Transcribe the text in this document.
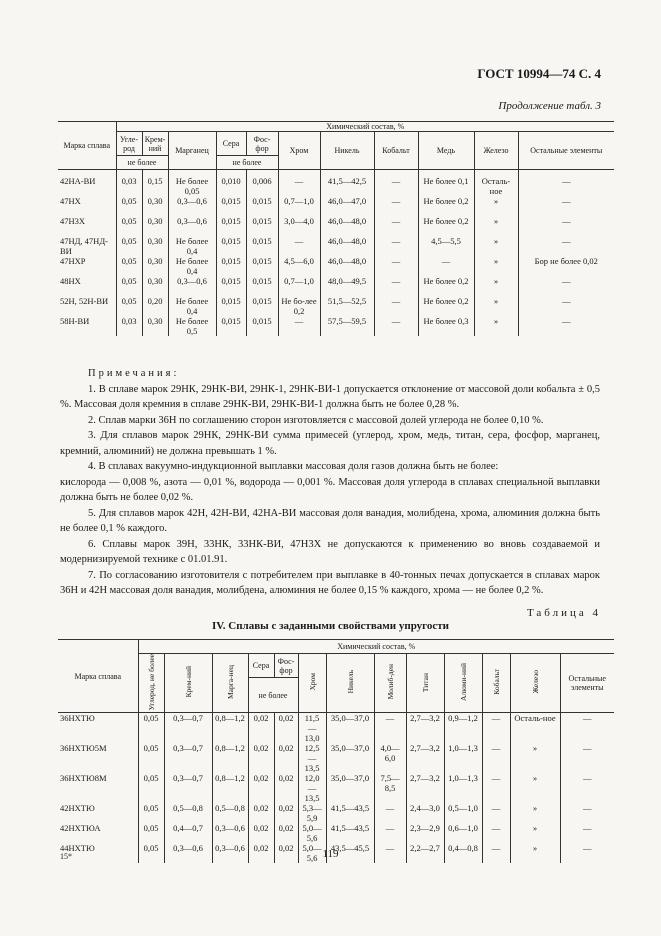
ГОСТ 10994—74 С. 4
Продолжение табл. 3
Марка сплава	Химический состав, %										
	Угле-род	Крем-ний	Марганец	Сера	Фос-фор	Хром	Никель	Кобальт	Медь	Железо	Остальные элементы
	не более			не более							
42НА-ВИ	0,03	0,15	Не более 0,05	0,010	0,006	—	41,5—42,5	—	Не более 0,1	Осталь-ное	—
47НХ	0,05	0,30	0,3—0,6	0,015	0,015	0,7—1,0	46,0—47,0	—	Не более 0,2	»	—
47Н3Х	0,05	0,30	0,3—0,6	0,015	0,015	3,0—4,0	46,0—48,0	—	Не более 0,2	»	—
47НД, 47НД-ВИ	0,05	0,30	Не более 0,4	0,015	0,015	—	46,0—48,0	—	4,5—5,5	»	—
47НХР	0,05	0,30	Не более 0,4	0,015	0,015	4,5—6,0	46,0—48,0	—	—	»	Бор не более 0,02
48НХ	0,05	0,30	0,3—0,6	0,015	0,015	0,7—1,0	48,0—49,5	—	Не более 0,2	»	—
52Н, 52Н-ВИ	0,05	0,20	Не более 0,4	0,015	0,015	Не бо-лее 0,2	51,5—52,5	—	Не более 0,2	»	—
58Н-ВИ	0,03	0,30	Не более 0,5	0,015	0,015	—	57,5—59,5	—	Не более 0,3	»	—

Примечания:

1. В сплаве марок 29НК, 29НК-ВИ, 29НК-1, 29НК-ВИ-1 допускается отклонение от массовой доли кобальта ± 0,5 %. Массовая доля кремния в сплаве 29НК-ВИ, 29НК-ВИ-1 должна быть не более 0,28 %.

2. Сплав марки 36Н по соглашению сторон изготовляется с массовой долей углерода не более 0,10 %.

3. Для сплавов марок 29НК, 29НК-ВИ сумма примесей (углерод, хром, медь, титан, сера, фосфор, марганец, кремний, алюминий) не должна превышать 1 %.

4. В сплавах вакуумно-индукционной выплавки массовая доля газов должна быть не более:

кислорода — 0,008 %, азота — 0,01 %, водорода — 0,001 %. Массовая доля углерода в сплавах специальной выплавки должна быть не более 0,02 %.

5. Для сплавов марок 42Н, 42Н-ВИ, 42НА-ВИ массовая доля ванадия, молибдена, хрома, алюминия должна быть не более 0,1 % каждого.

6. Сплавы марок 39Н, 33НК, 33НК-ВИ, 47Н3Х не допускаются к применению во вновь создаваемой и модернизируемой технике с 01.01.91.

7. По согласованию изготовителя с потребителем при выплавке в 40-тонных печах допускается в сплавах марок 36Н и 42Н массовая доля ванадия, молибдена, алюминия не более 0,15 % каждого, хрома — не более 0,2 %.

Таблица 4
IV. Сплавы с заданными свойствами упругости
Марка сплава	Химический состав, %												
	Углерод, не более	Крем-ний	Марга-нец	Сера	Фос-фор	Хром	Никель	Молиб-ден	Титан	Алюми-ний	Кобальт	Железо	Остальные элементы
				не более									
36НХТЮ	0,05	0,3—0,7	0,8—1,2	0,02	0,02	11,5—13,0	35,0—37,0	—	2,7—3,2	0,9—1,2	—	Осталь-ное	—
36НХТЮ5М	0,05	0,3—0,7	0,8—1,2	0,02	0,02	12,5—13,5	35,0—37,0	4,0—6,0	2,7—3,2	1,0—1,3	—	»	—
36НХТЮ8М	0,05	0,3—0,7	0,8—1,2	0,02	0,02	12,0—13,5	35,0—37,0	7,5—8,5	2,7—3,2	1,0—1,3	—	»	—
42НХТЮ	0,05	0,5—0,8	0,5—0,8	0,02	0,02	5,3—5,9	41,5—43,5	—	2,4—3,0	0,5—1,0	—	»	—
42НХТЮА	0,05	0,4—0,7	0,3—0,6	0,02	0,02	5,0—5,6	41,5—43,5	—	2,3—2,9	0,6—1,0	—	»	—
44НХТЮ	0,05	0,3—0,6	0,3—0,6	0,02	0,02	5,0—5,6	43,5—45,5	—	2,2—2,7	0,4—0,8	—	»	—
15*	119
